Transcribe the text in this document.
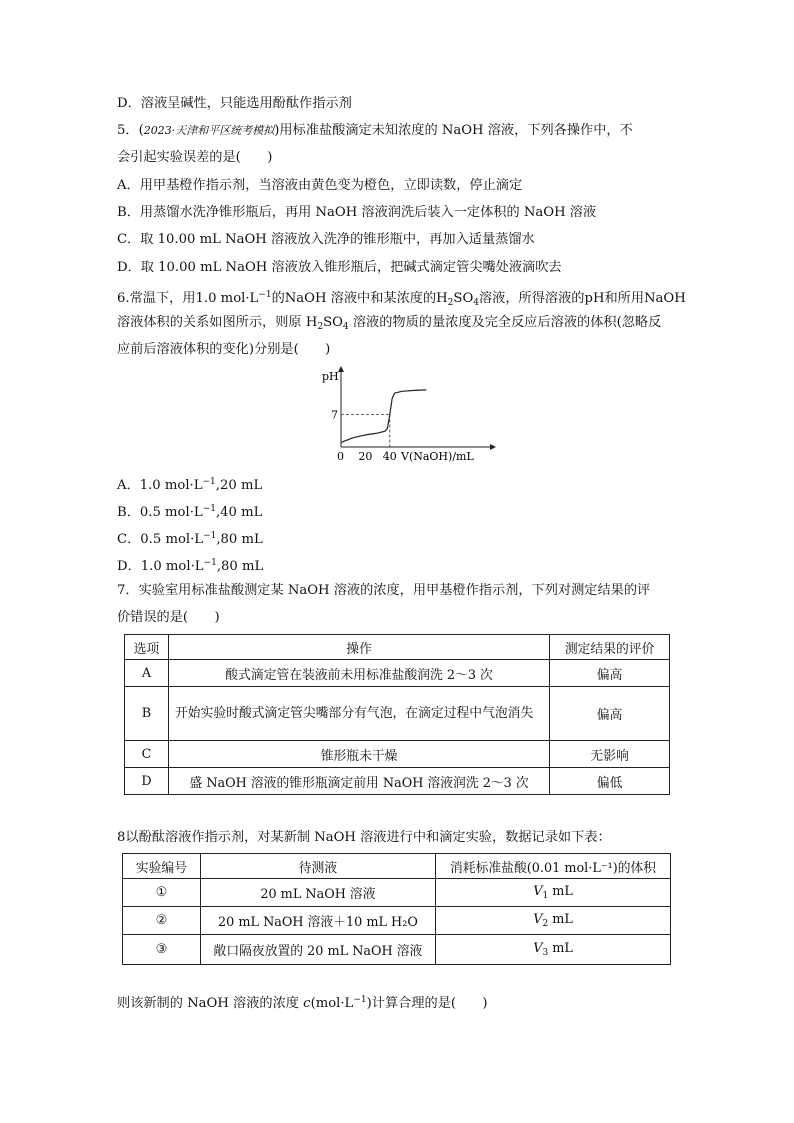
D．溶液呈碱性，只能选用酚酞作指示剂
5．(2023·天津和平区统考模拟)用标准盐酸滴定未知浓度的 NaOH 溶液，下列各操作中，不
会引起实验误差的是(　　)
A．用甲基橙作指示剂，当溶液由黄色变为橙色，立即读数，停止滴定
B．用蒸馏水洗净锥形瓶后，再用 NaOH 溶液润洗后装入一定体积的 NaOH 溶液
C．取 10.00 mL NaOH 溶液放入洗净的锥形瓶中，再加入适量蒸馏水
D．取 10.00 mL NaOH 溶液放入锥形瓶后，把碱式滴定管尖嘴处液滴吹去
6.常温下，用1.0 $mol\cdot L^{-1}$的NaOH 溶液中和某浓度的$H_2SO_4$溶液，所得溶液的pH和所用NaOH
溶液体积的关系如图所示，则原 $H_2SO_4$ 溶液的物质的量浓度及完全反应后溶液的体积(忽略反
应前后溶液体积的变化)分别是(　　)
pH
7
0 20 40 V(NaOH)/mL
A．1.0 $mol\cdot L^{-1},20$ mL
B．0.5 $mol\cdot L^{-1},40$ mL
C．0.5 $mol\cdot L^{-1},80$ mL
D．1.0 $mol\cdot L^{-1},80$ mL
7．实验室用标准盐酸测定某 NaOH 溶液的浓度，用甲基橙作指示剂，下列对测定结果的评
价错误的是(　　)
选项	操作	测定结果的评价
A	酸式滴定管在装液前未用标准盐酸润洗 2～3 次	偏高
B	开始实验时酸式滴定管尖嘴部分有气泡，在滴定过程中气泡消失	偏高
C	锥形瓶未干燥	无影响
D	盛 NaOH 溶液的锥形瓶滴定前用 NaOH 溶液润洗 2～3 次	偏低
8以酚酞溶液作指示剂，对某新制 NaOH 溶液进行中和滴定实验，数据记录如下表：
实验编号	待测液	消耗标准盐酸(0.01 mol·L⁻¹)的体积
①	20 mL NaOH 溶液	$V_1$ mL
②	20 mL NaOH 溶液＋10 mL H₂O	$V_2$ mL
③	敞口隔夜放置的 20 mL NaOH 溶液	$V_3$ mL
则该新制的 NaOH 溶液的浓度 $c(mol\cdot L^{-1})$计算合理的是(　　)
